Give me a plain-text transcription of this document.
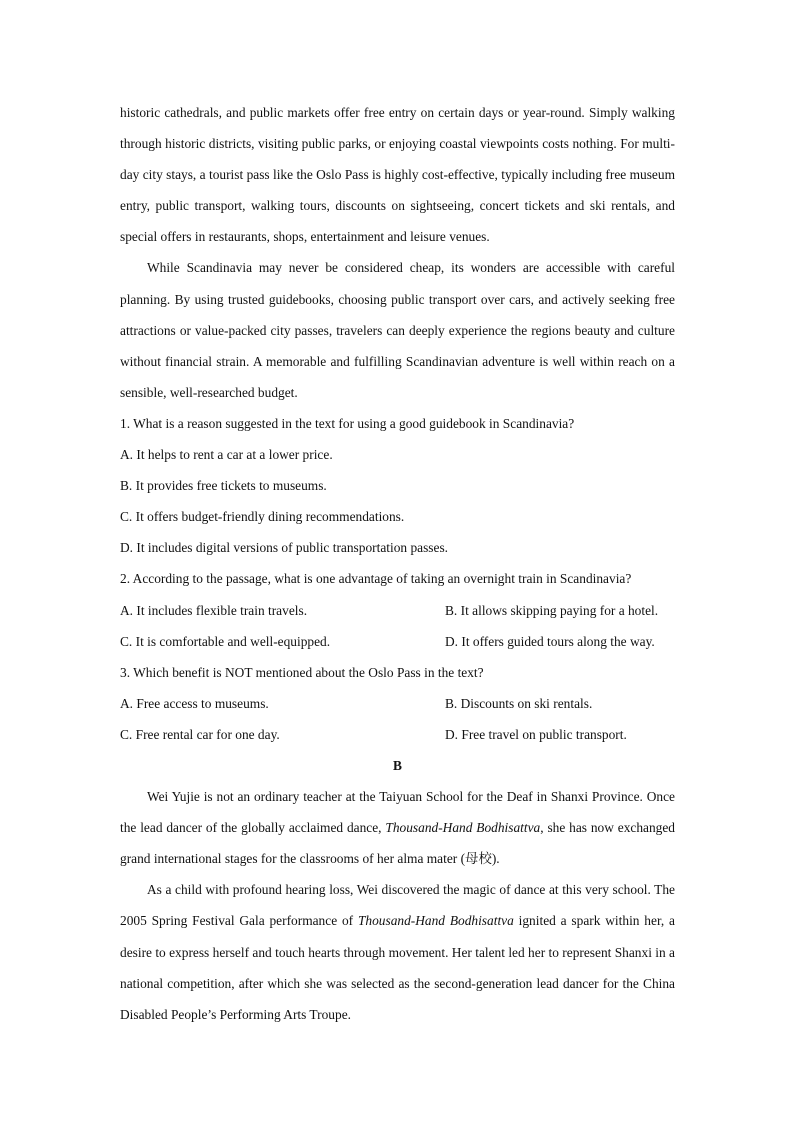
historic cathedrals, and public markets offer free entry on certain days or year-round. Simply walking through historic districts, visiting public parks, or enjoying coastal viewpoints costs nothing. For multi-day city stays, a tourist pass like the Oslo Pass is highly cost-effective, typically including free museum entry, public transport, walking tours, discounts on sightseeing, concert tickets and ski rentals, and special offers in restaurants, shops, entertainment and leisure venues.

While Scandinavia may never be considered cheap, its wonders are accessible with careful planning. By using trusted guidebooks, choosing public transport over cars, and actively seeking free attractions or value-packed city passes, travelers can deeply experience the regions beauty and culture without financial strain. A memorable and fulfilling Scandinavian adventure is well within reach on a sensible, well-researched budget.

1. What is a reason suggested in the text for using a good guidebook in Scandinavia?

A. It helps to rent a car at a lower price.

B. It provides free tickets to museums.

C. It offers budget-friendly dining recommendations.

D. It includes digital versions of public transportation passes.

2. According to the passage, what is one advantage of taking an overnight train in Scandinavia?

A. It includes flexible train travels.	B. It allows skipping paying for a hotel.
C. It is comfortable and well-equipped.	D. It offers guided tours along the way.

3. Which benefit is NOT mentioned about the Oslo Pass in the text?

A. Free access to museums.	B. Discounts on ski rentals.
C. Free rental car for one day.	D. Free travel on public transport.

B

Wei Yujie is not an ordinary teacher at the Taiyuan School for the Deaf in Shanxi Province. Once the lead dancer of the globally acclaimed dance, Thousand-Hand Bodhisattva, she has now exchanged grand international stages for the classrooms of her alma mater (母校).

As a child with profound hearing loss, Wei discovered the magic of dance at this very school. The 2005 Spring Festival Gala performance of Thousand-Hand Bodhisattva ignited a spark within her, a desire to express herself and touch hearts through movement. Her talent led her to represent Shanxi in a national competition, after which she was selected as the second-generation lead dancer for the China Disabled People’s Performing Arts Troupe.
